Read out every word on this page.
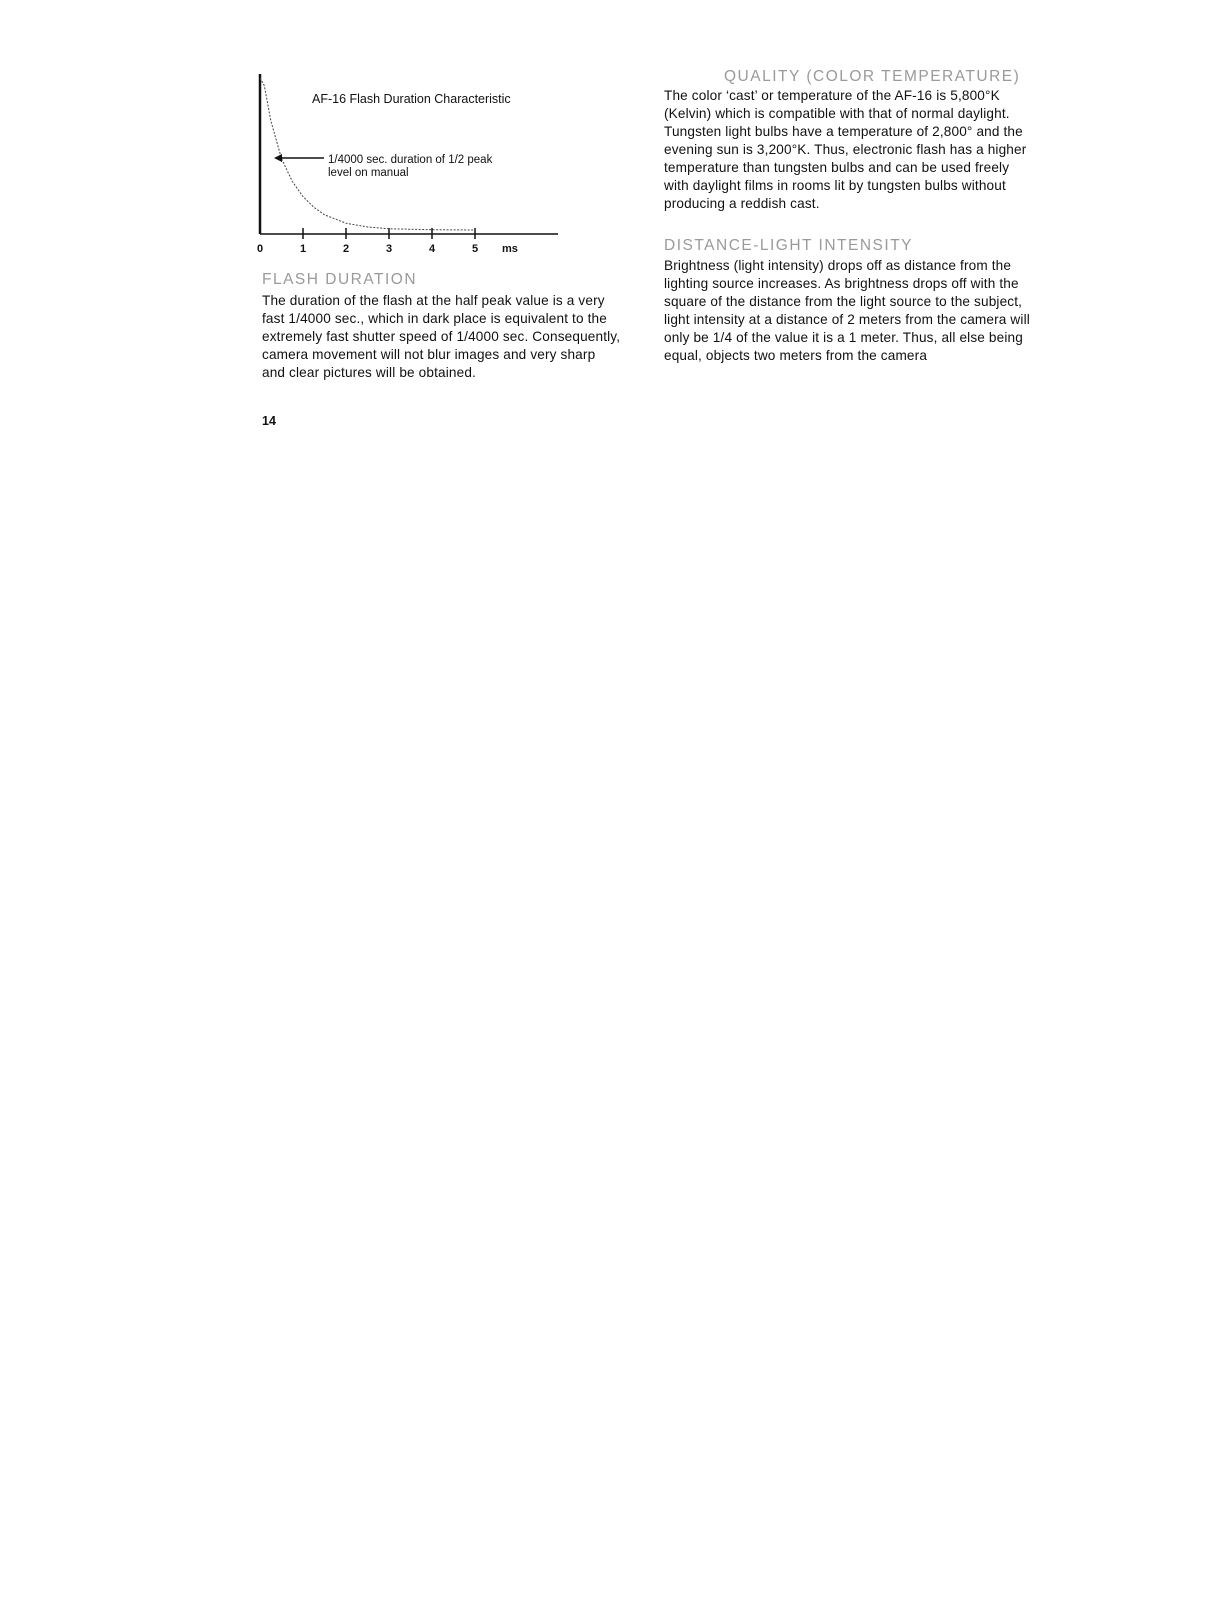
AF-16 Flash Duration Characteristic
0	1	2	3	4	5 ms
1/4000 sec. duration of 1/2 peak
level on manual
FLASH DURATION
The duration of the flash at the half peak value is a very fast 1/4000 sec., which in dark place is equivalent to the extremely fast shutter speed of 1/4000 sec. Consequently, camera movement will not blur images and very sharp and clear pictures will be obtained.
14
QUALITY (COLOR TEMPERATURE)
The color ‘cast’ or temperature of the AF-16 is 5,800°K (Kelvin) which is compatible with that of normal daylight. Tungsten light bulbs have a temperature of 2,800° and the evening sun is 3,200°K. Thus, electronic flash has a higher temperature than tungsten bulbs and can be used freely with daylight films in rooms lit by tungsten bulbs without producing a reddish cast.
DISTANCE-LIGHT INTENSITY
Brightness (light intensity) drops off as distance from the lighting source increases. As brightness drops off with the square of the distance from the light source to the subject, light intensity at a distance of 2 meters from the camera will only be 1/4 of the value it is a 1 meter. Thus, all else being equal, objects two meters from the camera
